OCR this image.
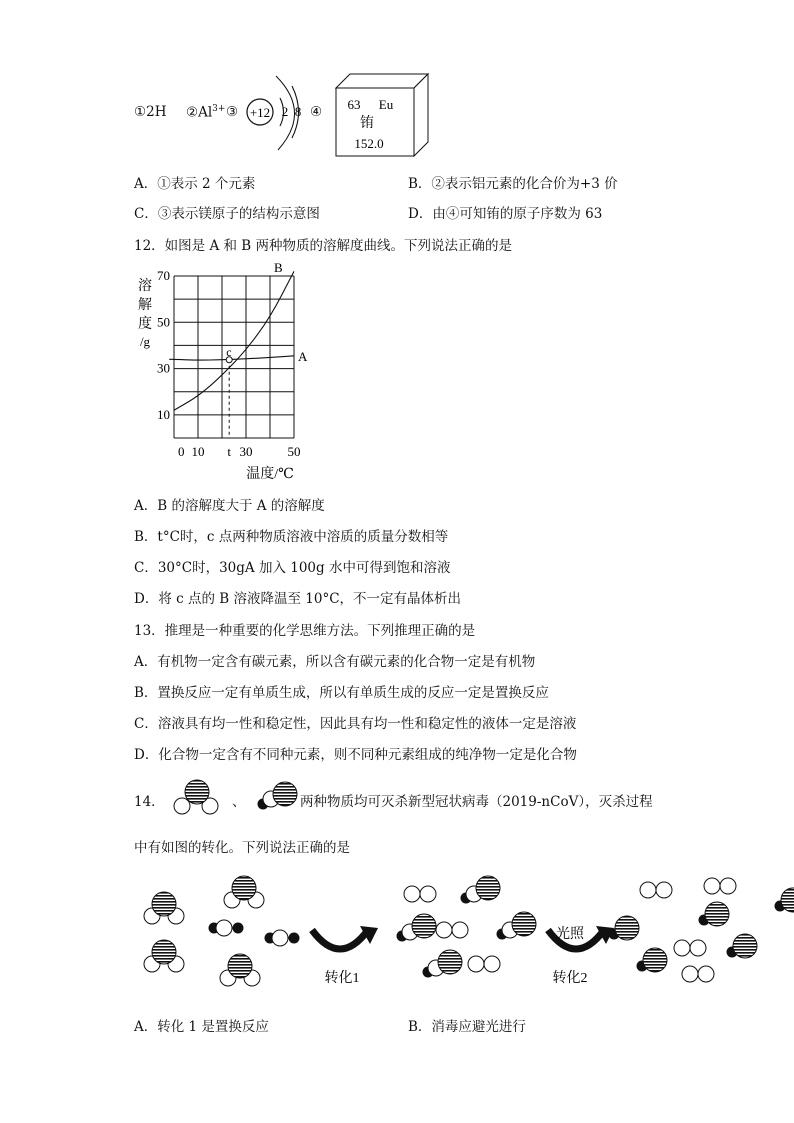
①2H $②Al^{3+}$ ③ +12 2 8 ④ 63 Eu
铕
152.0
A．①表示 2 个元素	B．②表示铝元素的化合价为+3 价
C．③表示镁原子的结构示意图	D．由④可知铕的原子序数为 63
12．如图是 A 和 B 两种物质的溶解度曲线。下列说法正确的是
溶
解
度
/g
10
30
50
70
0 10 t 30	50
c	A
B
温度/℃
A．B 的溶解度大于 A 的溶解度
B．t°C时，c 点两种物质溶液中溶质的质量分数相等
C．30°C时，30gA 加入 100g 水中可得到饱和溶液
D．将 c 点的 B 溶液降温至 10°C，不一定有晶体析出
13．推理是一种重要的化学思维方法。下列推理正确的是
A．有机物一定含有碳元素，所以含有碳元素的化合物一定是有机物
B．置换反应一定有单质生成，所以有单质生成的反应一定是置换反应
C．溶液具有均一性和稳定性，因此具有均一性和稳定性的液体一定是溶液
D．化合物一定含有不同种元素，则不同种元素组成的纯净物一定是化合物
14．	、	两种物质均可灭杀新型冠状病毒（2019-nCoV），灭杀过程
中有如图的转化。下列说法正确的是
转化1
光照
转化2
A．转化 1 是置换反应	B．消毒应避光进行
